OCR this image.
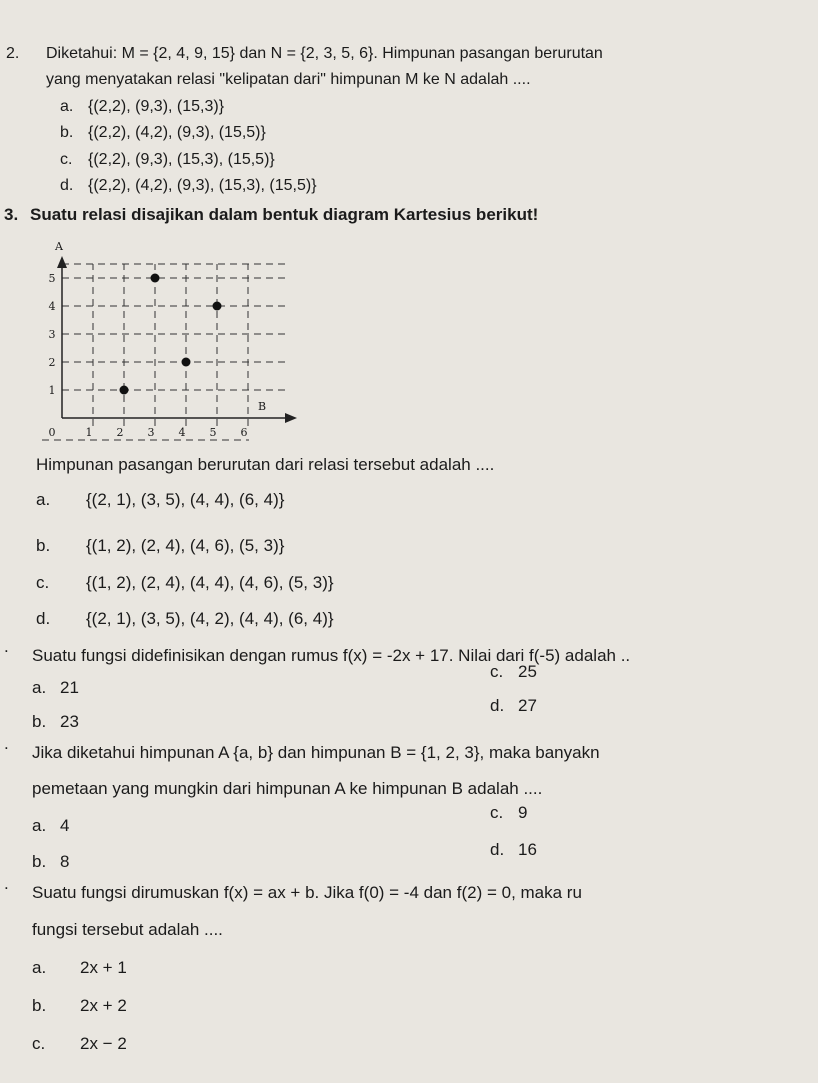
2. Diketahui: M = {2, 4, 9, 15} dan N = {2, 3, 5, 6}. Himpunan pasangan berurutan
yang menyatakan relasi "kelipatan dari" himpunan M ke N adalah ....
a. {(2,2), (9,3), (15,3)}
b. {(2,2), (4,2), (9,3), (15,5)}
c. {(2,2), (9,3), (15,3), (15,5)}
d. {(2,2), (4,2), (9,3), (15,3), (15,5)}
3. Suatu relasi disajikan dalam bentuk diagram Kartesius berikut!
A
B
1
2
3
4
5
0	1 2 3 4 5 6
Himpunan pasangan berurutan dari relasi tersebut adalah ....
a. {(2, 1), (3, 5), (4, 4), (6, 4)}
b. {(1, 2), (2, 4), (4, 6), (5, 3)}
c. {(1, 2), (2, 4), (4, 4), (4, 6), (5, 3)}
d. {(2, 1), (3, 5), (4, 2), (4, 4), (6, 4)}
. Suatu fungsi didefinisikan dengan rumus f(x) = -2x + 17. Nilai dari f(-5) adalah ..
a. 21
b. 23
c. 25
d. 27
. Jika diketahui himpunan A {a, b} dan himpunan B = {1, 2, 3}, maka banyakn
pemetaan yang mungkin dari himpunan A ke himpunan B adalah ....
a. 4
b. 8
c. 9
d. 16
. Suatu fungsi dirumuskan f(x) = ax + b. Jika f(0) = -4 dan f(2) = 0, maka ru
fungsi tersebut adalah ....
a. 2x + 1
b. 2x + 2
c. 2x − 2
